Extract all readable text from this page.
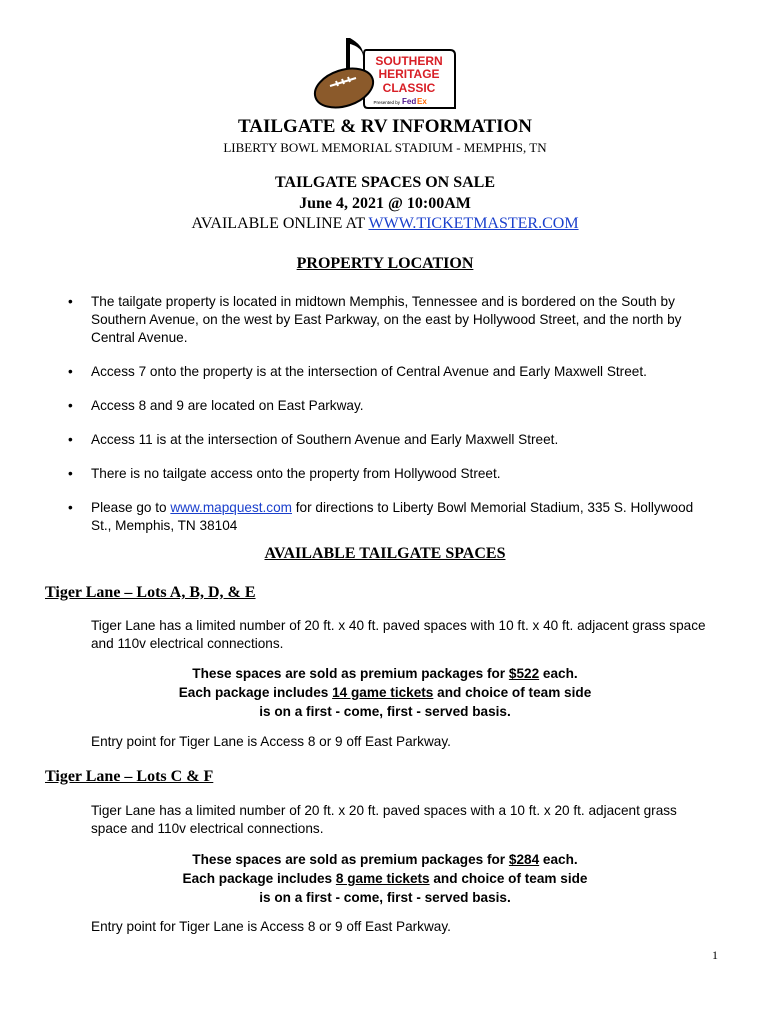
SOUTHERN
HERITAGE
CLASSIC
Presented by Fed Ex
TAILGATE & RV INFORMATION
LIBERTY BOWL MEMORIAL STADIUM - MEMPHIS, TN
TAILGATE SPACES ON SALE
June 4, 2021 @ 10:00AM
AVAILABLE ONLINE AT WWW.TICKETMASTER.COM
PROPERTY LOCATION
• The tailgate property is located in midtown Memphis, Tennessee and is bordered on the South by Southern Avenue, on the west by East Parkway, on the east by Hollywood Street, and the north by Central Avenue.
• Access 7 onto the property is at the intersection of Central Avenue and Early Maxwell Street.
• Access 8 and 9 are located on East Parkway.
• Access 11 is at the intersection of Southern Avenue and Early Maxwell Street.
• There is no tailgate access onto the property from Hollywood Street.
• Please go to www.mapquest.com for directions to Liberty Bowl Memorial Stadium, 335 S. Hollywood St., Memphis, TN 38104
AVAILABLE TAILGATE SPACES
Tiger Lane – Lots A, B, D, & E
Tiger Lane has a limited number of 20 ft. x 40 ft. paved spaces with 10 ft. x 40 ft. adjacent grass space and 110v electrical connections.
These spaces are sold as premium packages for $522 each.
Each package includes 14 game tickets and choice of team side
is on a first - come, first - served basis.
Entry point for Tiger Lane is Access 8 or 9 off East Parkway.
Tiger Lane – Lots C & F
Tiger Lane has a limited number of 20 ft. x 20 ft. paved spaces with a 10 ft. x 20 ft. adjacent grass space and 110v electrical connections.
These spaces are sold as premium packages for $284 each.
Each package includes 8 game tickets and choice of team side
is on a first - come, first - served basis.
Entry point for Tiger Lane is Access 8 or 9 off East Parkway.
1
